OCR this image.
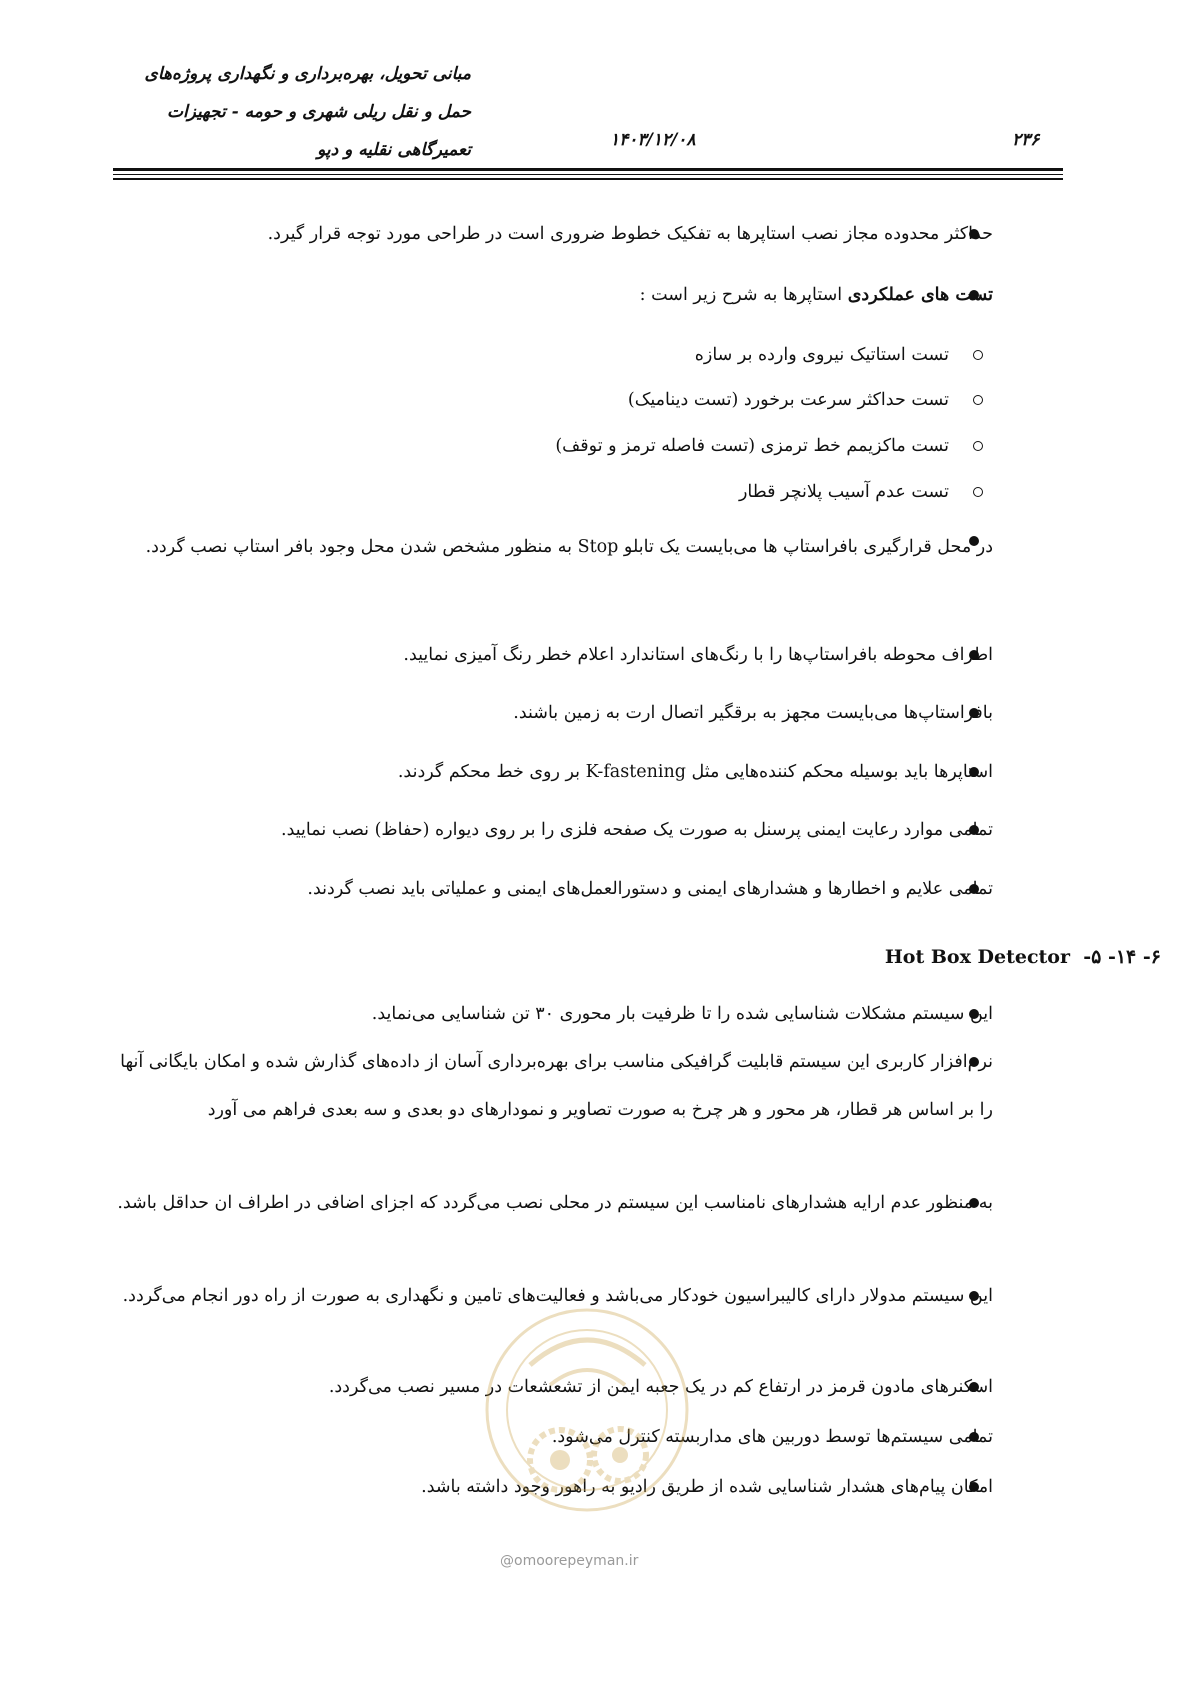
مبانی تحویل، بهره‌برداری و نگهداری پروژه‌های
حمل و نقل ریلی شهری و حومه - تجهیزات
تعمیرگاهی نقلیه و دپو	۱۴۰۳/۱۲/۰۸	۲۳۶
حداکثر محدوده مجاز نصب استاپرها به تفکیک خطوط ضروری است در طراحی مورد توجه قرار گیرد.
تست های عملکردی استاپرها به شرح زیر است :
تست استاتیک نیروی وارده بر سازه
تست حداکثر سرعت برخورد (تست دینامیک)
تست ماکزیمم خط ترمزی (تست فاصله ترمز و توقف)
تست عدم آسیب پلانچر قطار
در محل قرارگیری بافراستاپ ها می‌بایست یک تابلو Stop به منظور مشخص شدن محل وجود بافر استاپ نصب گردد.
اطراف محوطه بافراستاپ‌ها را با رنگ‌های استاندارد اعلام خطر رنگ آمیزی نمایید.
بافراستاپ‌ها می‌بایست مجهز به برقگیر اتصال ارت به زمین باشند.
استاپرها باید بوسیله محکم کننده‌هایی مثل K-fastening بر روی خط محکم گردند.
تمامی موارد رعایت ایمنی پرسنل به صورت یک صفحه فلزی را بر روی دیواره (حفاظ) نصب نمایید.
تمامی علایم و اخطارها و هشدارهای ایمنی و دستورالعمل‌های ایمنی و عملیاتی باید نصب گردند.
۶- ۱۴- ۵-  Hot Box Detector
این سیستم مشکلات شناسایی شده را تا ظرفیت بار محوری ۳۰ تن شناسایی می‌نماید.
نرم‌افزار کاربری این سیستم قابلیت گرافیکی مناسب برای بهره‌برداری آسان از داده‌های گذارش شده و امکان بایگانی آنها را بر اساس هر قطار، هر محور و هر چرخ به صورت تصاویر و نمودارهای دو بعدی و سه بعدی فراهم می آورد
به منظور عدم ارایه هشدارهای نامناسب این سیستم در محلی نصب می‌گردد که اجزای اضافی در اطراف ان حداقل باشد.
این سیستم مدولار دارای کالیبراسیون خودکار می‌باشد و فعالیت‌های تامین و نگهداری به صورت از راه دور انجام می‌گردد.
اسکنرهای مادون قرمز در ارتفاع کم در یک جعبه ایمن از تشعشعات در مسیر نصب می‌گردد.
تمامی سیستم‌ها توسط دوربین های مداربسته کنترل می‌شود.
امکان پیام‌های هشدار شناسایی شده از طریق رادیو به راهور وجود داشته باشد.
@omoorepeyman.ir
